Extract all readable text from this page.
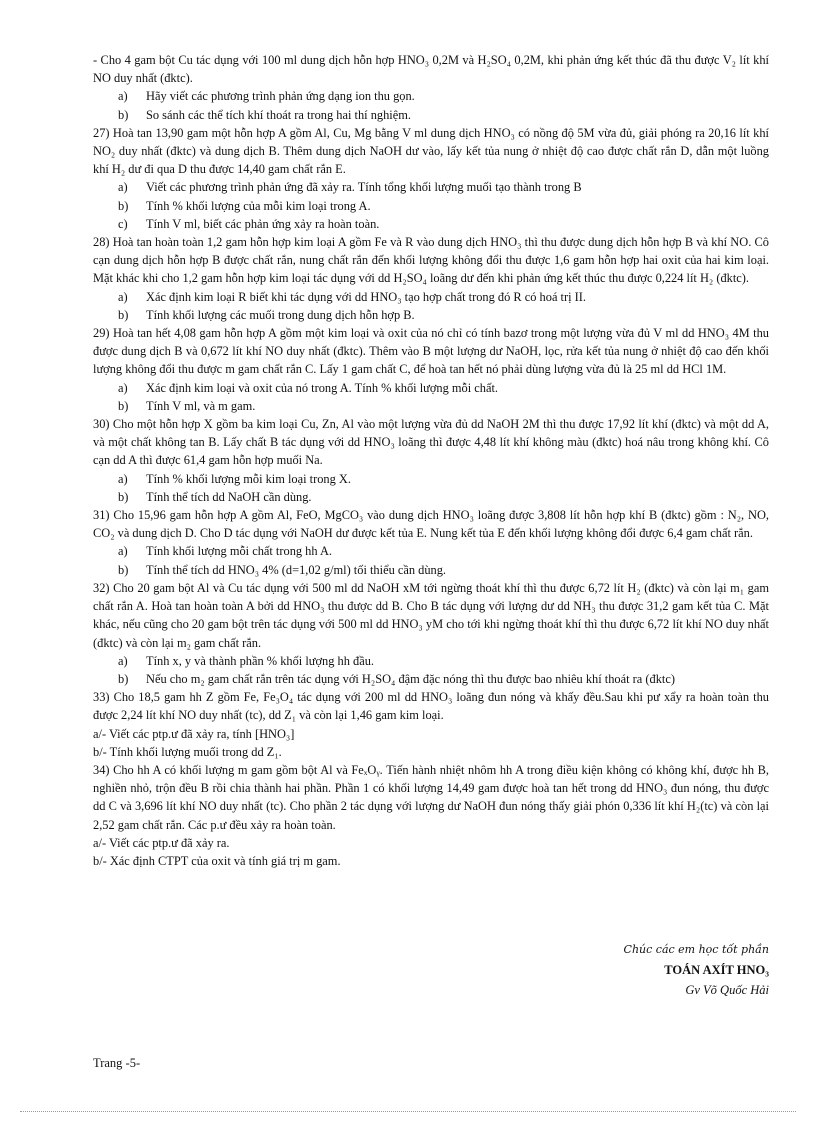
- Cho 4 gam bột Cu tác dụng với 100 ml dung dịch hỗn hợp HNO₃ 0,2M và H₂SO₄ 0,2M, khi phản ứng kết thúc đã thu được V₂ lít khí NO duy nhất (đktc).

a)	Hãy viết các phương trình phản ứng dạng ion thu gọn.
b)	So sánh các thể tích khí thoát ra trong hai thí nghiệm.

27) Hoà tan 13,90 gam một hỗn hợp A gồm Al, Cu, Mg bằng V ml dung dịch HNO₃ có nồng độ 5M vừa đủ, giải phóng ra 20,16 lít khí NO₂ duy nhất (đktc) và dung dịch B. Thêm dung dịch NaOH dư vào, lấy kết tủa nung ở nhiệt độ cao được chất rắn D, dẫn một luồng khí H₂ dư đi qua D thu được 14,40 gam chất rắn E.

a)	Viết các phương trình phản ứng đã xảy ra. Tính tổng khối lượng muối tạo thành trong B
b)	Tính % khối lượng của mỗi kim loại trong A.
c)	Tính V ml, biết các phản ứng xảy ra hoàn toàn.

28) Hoà tan hoàn toàn 1,2 gam hỗn hợp kim loại A gồm Fe và R vào dung dịch HNO₃ thì thu được dung dịch hỗn hợp B và khí NO. Cô cạn dung dịch hỗn hợp B được chất rắn, nung chất rắn đến khối lượng không đổi thu được 1,6 gam hỗn hợp hai oxit của hai kim loại. Mặt khác khi cho 1,2 gam hỗn hợp kim loại tác dụng với dd H₂SO₄ loãng dư đến khi phản ứng kết thúc thu được 0,224 lít H₂ (đktc).

a)	Xác định kim loại R biết khi tác dụng với dd HNO₃ tạo hợp chất trong đó R có hoá trị II.
b)	Tính khối lượng các muối trong dung dịch hỗn hợp B.

29) Hoà tan hết 4,08 gam hỗn hợp A gồm một kim loại và oxit của nó chỉ có tính bazơ trong một lượng vừa đủ V ml dd HNO₃ 4M thu được dung dịch B và 0,672 lít khí NO duy nhất (đktc). Thêm vào B một lượng dư NaOH, lọc, rửa kết tủa nung ở nhiệt độ cao đến khối lượng không đổi thu được m gam chất rắn C. Lấy 1 gam chất C, để hoà tan hết nó phải dùng lượng vừa đủ là 25 ml dd HCl 1M.

a)	Xác định kim loại và oxit của nó trong A. Tính % khối lượng mỗi chất.
b)	Tính V ml, và m gam.

30) Cho một hỗn hợp X gồm ba kim loại Cu, Zn, Al vào một lượng vừa đủ dd NaOH 2M thì thu được 17,92 lít khí (đktc) và một dd A, và một chất không tan B. Lấy chất B tác dụng với dd HNO₃ loãng thì được 4,48 lít khí không màu (đktc) hoá nâu trong không khí. Cô cạn dd A thì được 61,4 gam hỗn hợp muối Na.

a)	Tính % khối lượng mỗi kim loại trong X.
b)	Tính thể tích dd NaOH cần dùng.

31) Cho 15,96 gam hỗn hợp A gồm Al, FeO, MgCO₃ vào dung dịch HNO₃ loãng được 3,808 lít hỗn hợp khí B (đktc) gồm : N₂, NO, CO₂ và dung dịch D. Cho D tác dụng với NaOH dư được kết tủa E. Nung kết tủa E đến khối lượng không đổi được 6,4 gam chất rắn.

a)	Tính khối lượng mỗi chất trong hh A.
b)	Tính thể tích dd HNO₃ 4% (d=1,02 g/ml) tối thiểu cần dùng.

32) Cho 20 gam bột Al và Cu tác dụng với 500 ml dd NaOH xM tới ngừng thoát khí thì thu được 6,72 lít H₂ (đktc) và còn lại m₁ gam chất rắn A. Hoà tan hoàn toàn A bởi dd HNO₃ thu được dd B. Cho B tác dụng với lượng dư dd NH₃ thu được 31,2 gam kết tủa C. Mặt khác, nếu cũng cho 20 gam bột trên tác dụng với 500 ml dd HNO₃ yM cho tới khi ngừng thoát khí thì thu được 6,72 lít khí NO duy nhất (đktc) và còn lại m₂ gam chất rắn.

a)	Tính x, y và thành phần % khối lượng hh đầu.
b)	Nếu cho m₂ gam chất rắn trên tác dụng với H₂SO₄ đậm đặc nóng thì thu được bao nhiêu khí thoát ra (đktc)

33) Cho 18,5 gam hh Z gồm Fe, Fe₃O₄ tác dụng với 200 ml dd HNO₃ loãng đun nóng và khấy đều.Sau khi pư xẩy ra hoàn toàn thu được 2,24 lít khí NO duy nhất (tc), dd Z₁ và còn lại 1,46 gam kim loại.

a/- Viết các ptp.ư đã xảy ra, tính [HNO₃]

b/- Tính khối lượng muối trong dd Z₁.

34) Cho hh A có khối lượng m gam gồm bột Al và FeₓOᵧ. Tiến hành nhiệt nhôm hh A trong điều kiện không có không khí, được hh B, nghiền nhỏ, trộn đều B rồi chia thành hai phần. Phần 1 có khối lượng 14,49 gam được hoà tan hết trong dd HNO₃ đun nóng, thu được dd C và 3,696 lít khí NO duy nhất (tc). Cho phần 2 tác dụng với lượng dư NaOH đun nóng thấy giải phón 0,336 lít khí H₂(tc) và còn lại 2,52 gam chất rắn. Các p.ư đều xảy ra hoàn toàn.

a/- Viết các ptp.ư đã xảy ra.

b/- Xác định CTPT của oxit và tính giá trị m gam.

Chúc các em học tốt phần
TOÁN AXÍT HNO₃
Gv Võ Quốc Hải
Trang -5-
